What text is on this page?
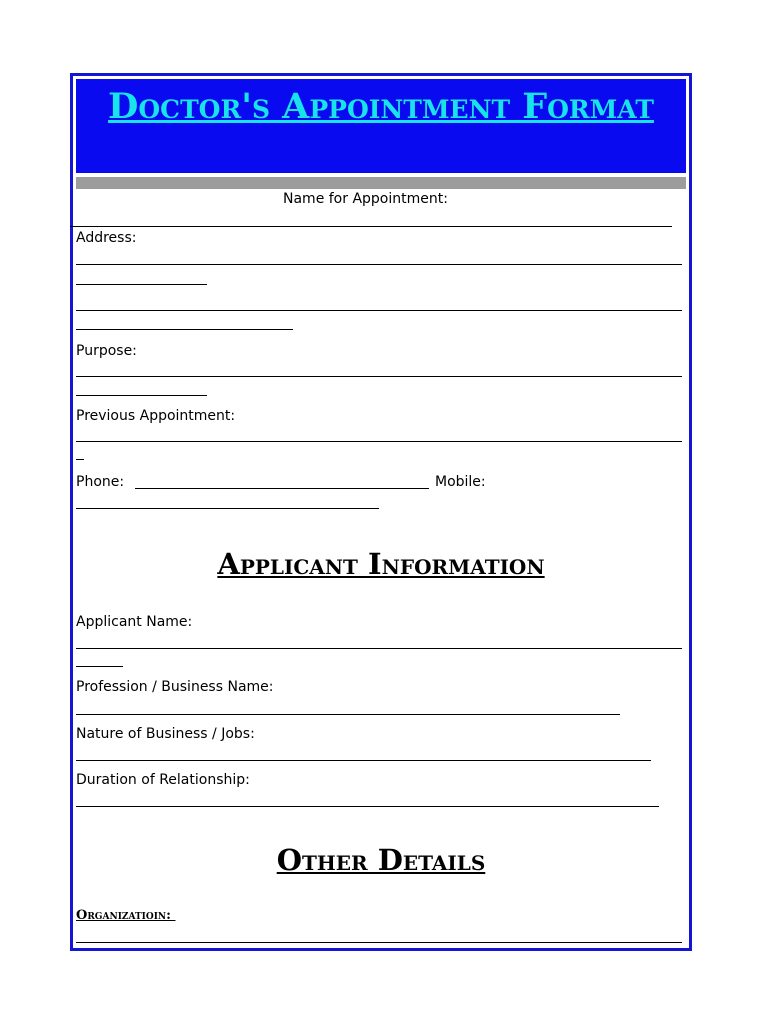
Doctor's Appointment Format
Name for Appointment:
Address:
Purpose:
Previous Appointment:
Phone:	Mobile:
Applicant Information
Applicant Name:
Profession / Business Name:
Nature of Business / Jobs:
Duration of Relationship:
Other Details
Organizatioin:
